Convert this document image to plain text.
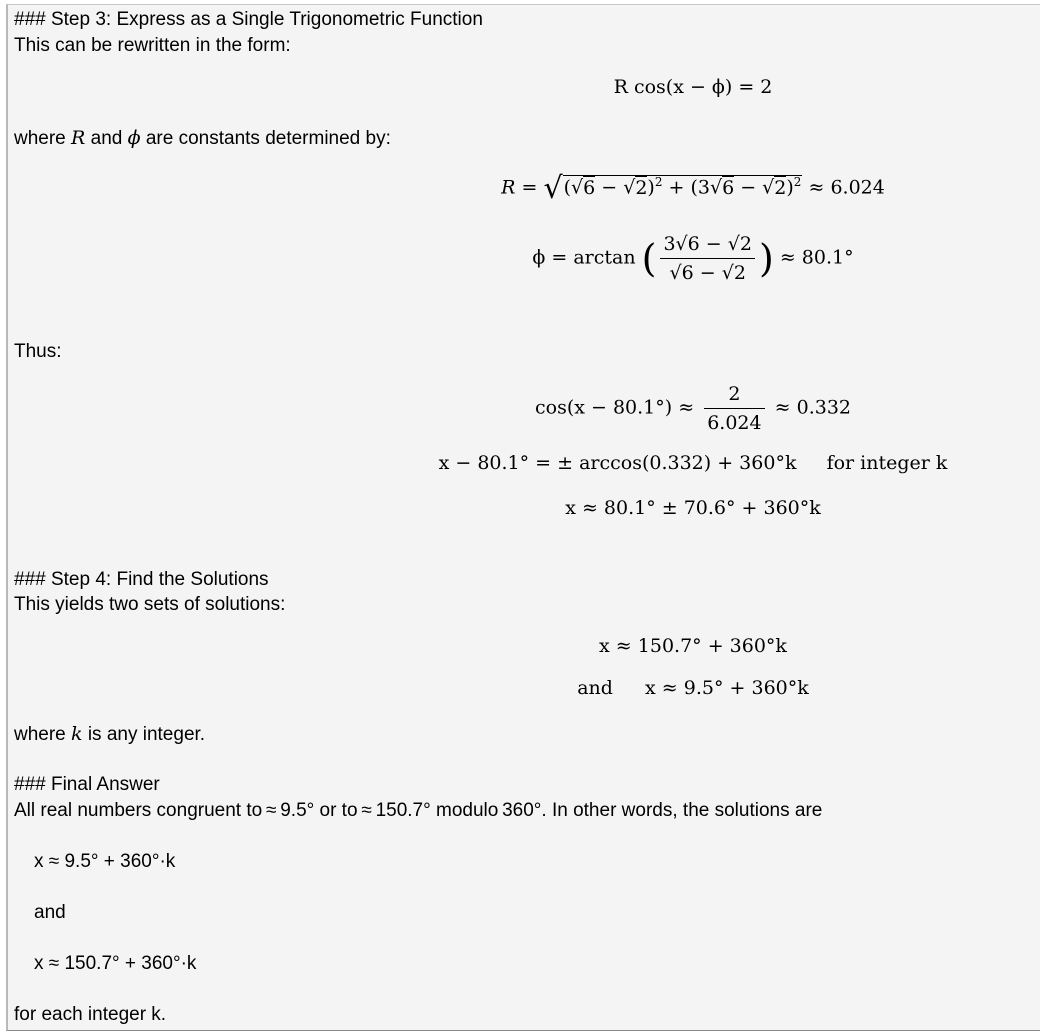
### Step 3: Express as a Single Trigonometric Function
This can be rewritten in the form:
R cos(x − ϕ) = 2
where R and ϕ are constants determined by:
$R = √(√6 - √2)^2 + (3√6 - √2)^2 \approx 6.024$
ϕ = arctan ( $\frac{3√6 - √2}{√6 - √2}$ ) ≈ 80.1°
Thus:
$\cos(x - 80.1^\circ) \approx \frac{2}{6.024} \approx 0.332$
x − 80.1° = ± arccos(0.332) + 360°k for integer k
x ≈ 80.1° ± 70.6° + 360°k
### Step 4: Find the Solutions
This yields two sets of solutions:
x ≈ 150.7° + 360°k
and x ≈ 9.5° + 360°k
where k is any integer.
### Final Answer
All real numbers congruent to ≈ 9.5° or to ≈ 150.7° modulo 360°. In other words, the solutions are
x ≈ 9.5° + 360°·k
and
x ≈ 150.7° + 360°·k
for each integer k.
